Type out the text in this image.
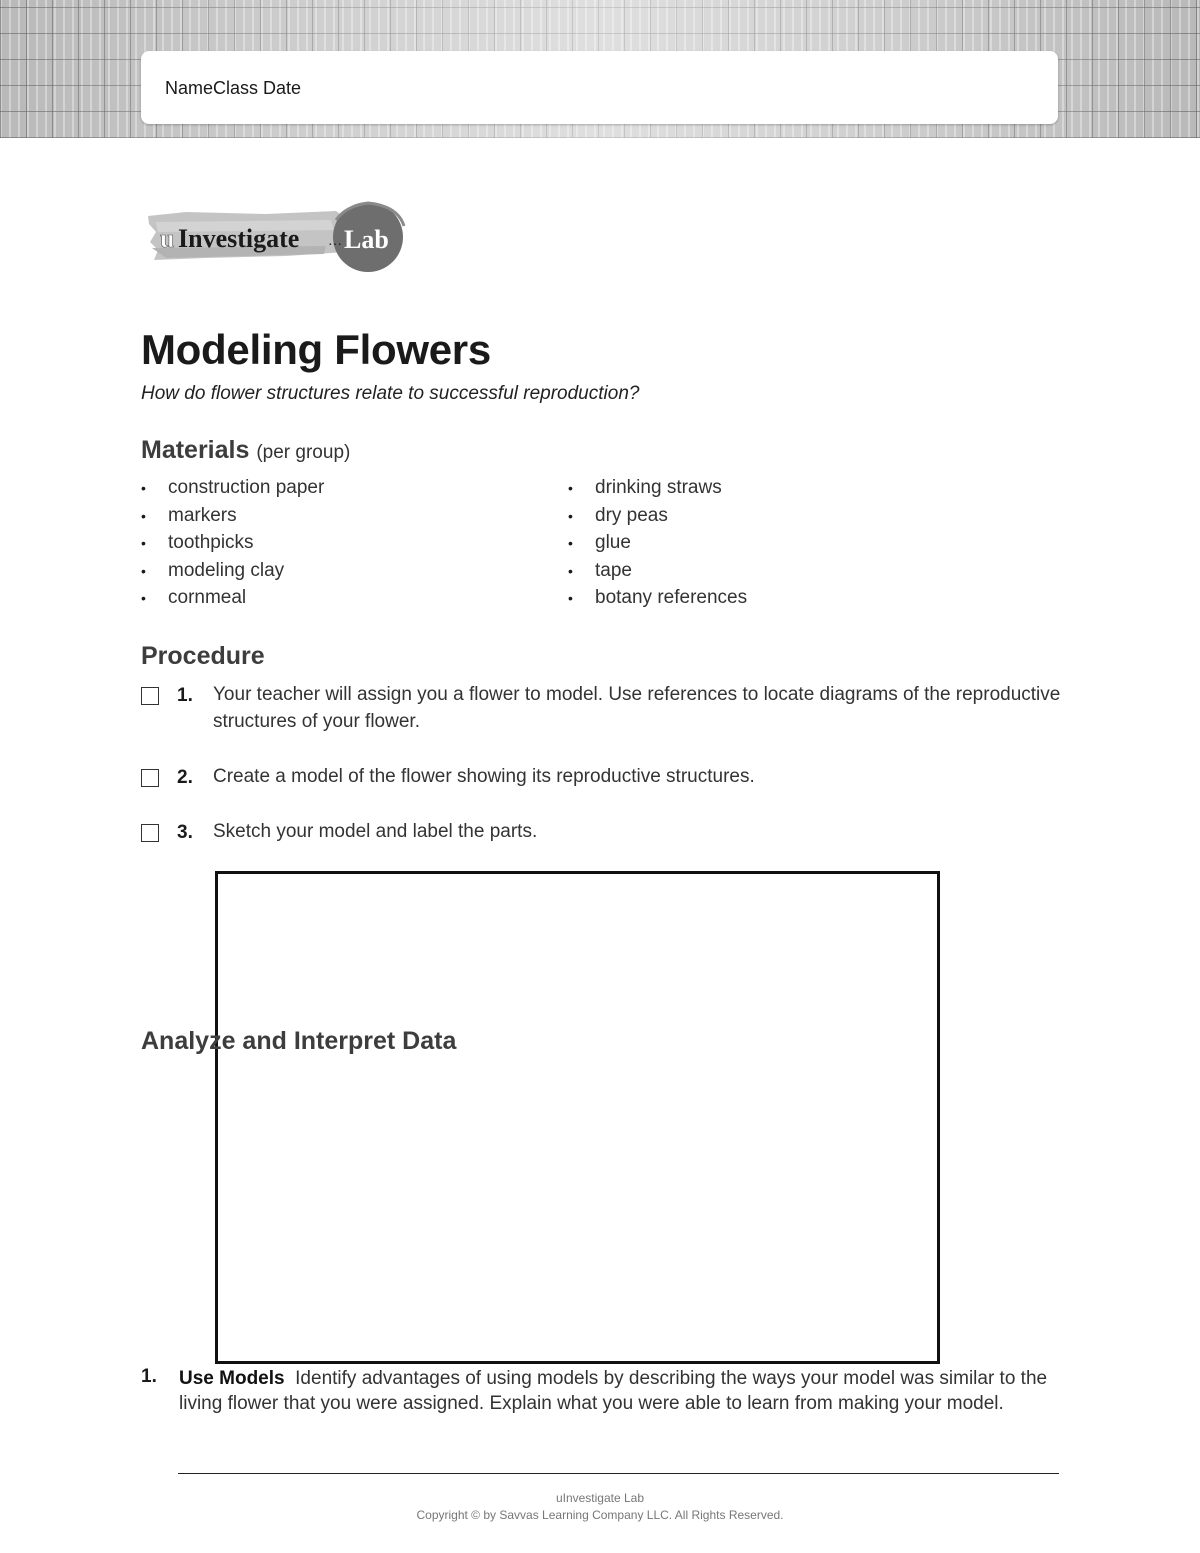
NameClass Date
u Investigate … Lab
Modeling Flowers
How do flower structures relate to successful reproduction?
Materials (per group)
• construction paper
• markers
• toothpicks
• modeling clay
• cornmeal
• drinking straws
• dry peas
• glue
• tape
• botany references
Procedure
1. Your teacher will assign you a flower to model. Use references to locate diagrams of the reproductive structures of your flower.
2. Create a model of the flower showing its reproductive structures.
3. Sketch your model and label the parts.
Analyze and Interpret Data
1. Use Models Identify advantages of using models by describing the ways your model was similar to the living flower that you were assigned. Explain what you were able to learn from making your model.
uInvestigate Lab
Copyright © by Savvas Learning Company LLC. All Rights Reserved.
